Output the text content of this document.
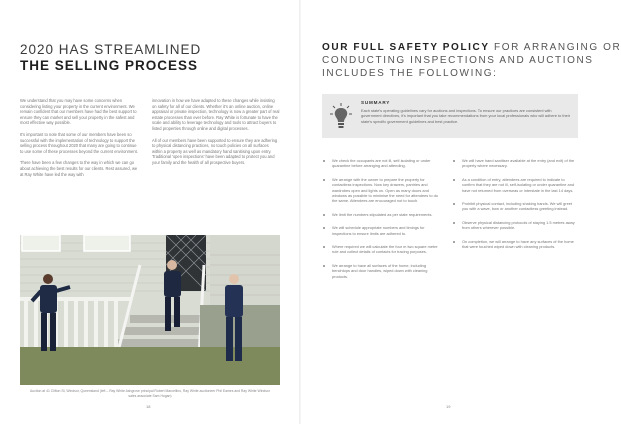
2020 HAS STREAMLINED
THE SELLING PROCESS

We understand that you may have some concerns when considering listing your property in the current environment. We remain confident that our members have had the best support to ensure they can market and sell your property in the safest and most effective way possible.

It's important to note that some of our members have been so successful with the implementation of technology to support the selling process throughout 2020 that many are going to continue to use some of these processes beyond the current environment.

There have been a few changes to the way in which we can go about achieving the best results for our clients. Rest assured, we at Ray White have led the way with

innovation in how we have adapted to these changes while insisting on safety for all of our clients. Whether it's an online auction, online appraisal or private inspection, technology is now a greater part of real estate processes than ever before. Ray White is fortunate to have the scale and ability to leverage technology and tools to attract buyers to listed properties through online and digital processes.

All of our members have been supported to ensure they are adhering to physical distancing practices, no touch policies on all surfaces within a property as well as mandatory hand sanitising upon entry. Traditional 'open inspections' have been adapted to protect you and your family and the health of all prospective buyers.

Auction at 41 Clifton St, Windsor, Queensland (left – Ray White Ashgrove principal Robert Marcellino, Ray White auctioneer Phil Eames and Ray White Windsor sales associate Sam Hogan)
18
OUR FULL SAFETY POLICY FOR ARRANGING OR
CONDUCTING INSPECTIONS AND AUCTIONS
INCLUDES THE FOLLOWING:
SUMMARY
Each state's operating guidelines vary for auctions and inspections. To ensure our practices are consistent with government directives, it's important that you take recommendations from your local professionals who will adhere to their state's specific government guidelines and best practice.
We check the occupants are not ill, self-isolating or under quarantine before arranging and attending.
We arrange with the owner to prepare the property for contactless inspections. Now key drawers, pantries and wardrobes open and lights on. Open as many doors and windows as possible to minimise the need for attendees to do the same. Attendees are encouraged not to touch.
We limit the numbers stipulated as per state requirements.
We will schedule appropriate numbers and timings for inspections to ensure limits are adhered to.
Where required we will calculate the four m two square metre rule and collect details of contacts for tracing purposes.
We arrange to have all surfaces of the home, including benchtops and door handles, wiped down with cleaning products.
We will have hand sanitiser available at the entry (and exit) of the property where necessary.
As a condition of entry, attendees are required to indicate to confirm that they are not ill, self-isolating or under quarantine and have not returned from overseas or interstate in the last 14 days.
Prohibit physical contact, including shaking hands. We will greet you with a wave, bow or another contactless greeting instead.
Observe physical distancing protocols of staying 1.5 metres away from others wherever possible.
On completion, we will arrange to have any surfaces of the home that were touched wiped down with cleaning products.
19
